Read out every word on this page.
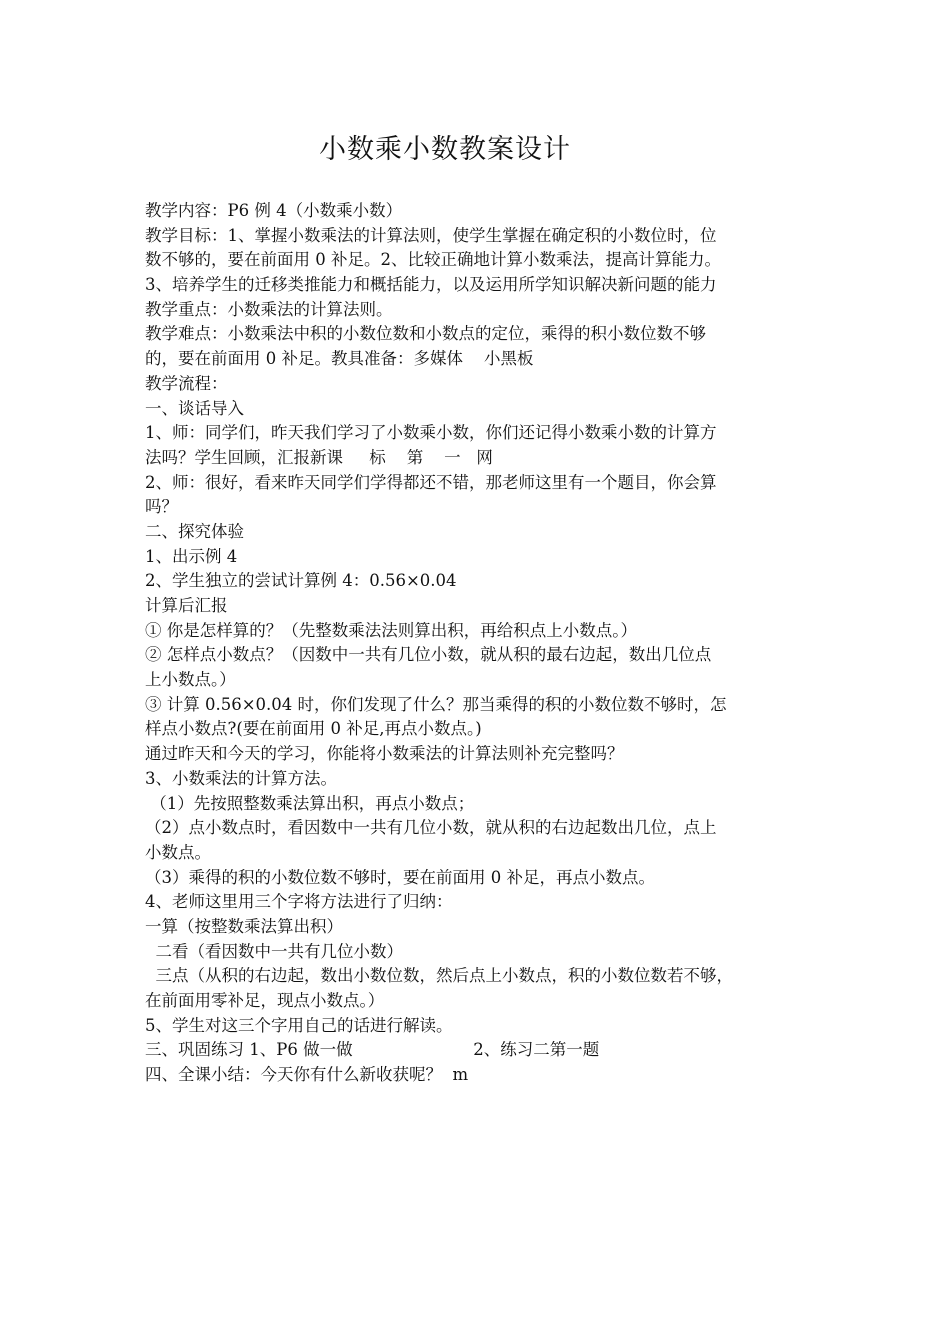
小数乘小数教案设计
教学内容：P6 例 4（小数乘小数）
教学目标：1、掌握小数乘法的计算法则，使学生掌握在确定积的小数位时，位
数不够的，要在前面用 0 补足。2、比较正确地计算小数乘法，提高计算能力。
3、培养学生的迁移类推能力和概括能力，以及运用所学知识解决新问题的能力
教学重点：小数乘法的计算法则。
教学难点：小数乘法中积的小数位数和小数点的定位，乘得的积小数位数不够
的，要在前面用 0 补足。教具准备：多媒体    小黑板
教学流程：
一、谈话导入
1、师：同学们，昨天我们学习了小数乘小数，你们还记得小数乘小数的计算方
法吗？学生回顾，汇报新课     标    第    一   网
2、师：很好，看来昨天同学们学得都还不错，那老师这里有一个题目，你会算
吗？
二、探究体验
1、出示例 4
2、学生独立的尝试计算例 4：0.56×0.04
计算后汇报
① 你是怎样算的？（先整数乘法法则算出积，再给积点上小数点。）
② 怎样点小数点？（因数中一共有几位小数，就从积的最右边起，数出几位点
上小数点。）
③ 计算 0.56×0.04 时，你们发现了什么？那当乘得的积的小数位数不够时，怎
样点小数点?(要在前面用 0 补足,再点小数点。)
通过昨天和今天的学习，你能将小数乘法的计算法则补充完整吗？
3、小数乘法的计算方法。
（1）先按照整数乘法算出积，再点小数点；
（2）点小数点时，看因数中一共有几位小数，就从积的右边起数出几位，点上
小数点。
（3）乘得的积的小数位数不够时，要在前面用 0 补足，再点小数点。
4、老师这里用三个字将方法进行了归纳：
一算（按整数乘法算出积）
二看（看因数中一共有几位小数）
三点（从积的右边起，数出小数位数，然后点上小数点，积的小数位数若不够，
在前面用零补足，现点小数点。）
5、学生对这三个字用自己的话进行解读。
三、巩固练习 1、P6 做一做                       2、练习二第一题
四、全课小结：今天你有什么新收获呢？  m
